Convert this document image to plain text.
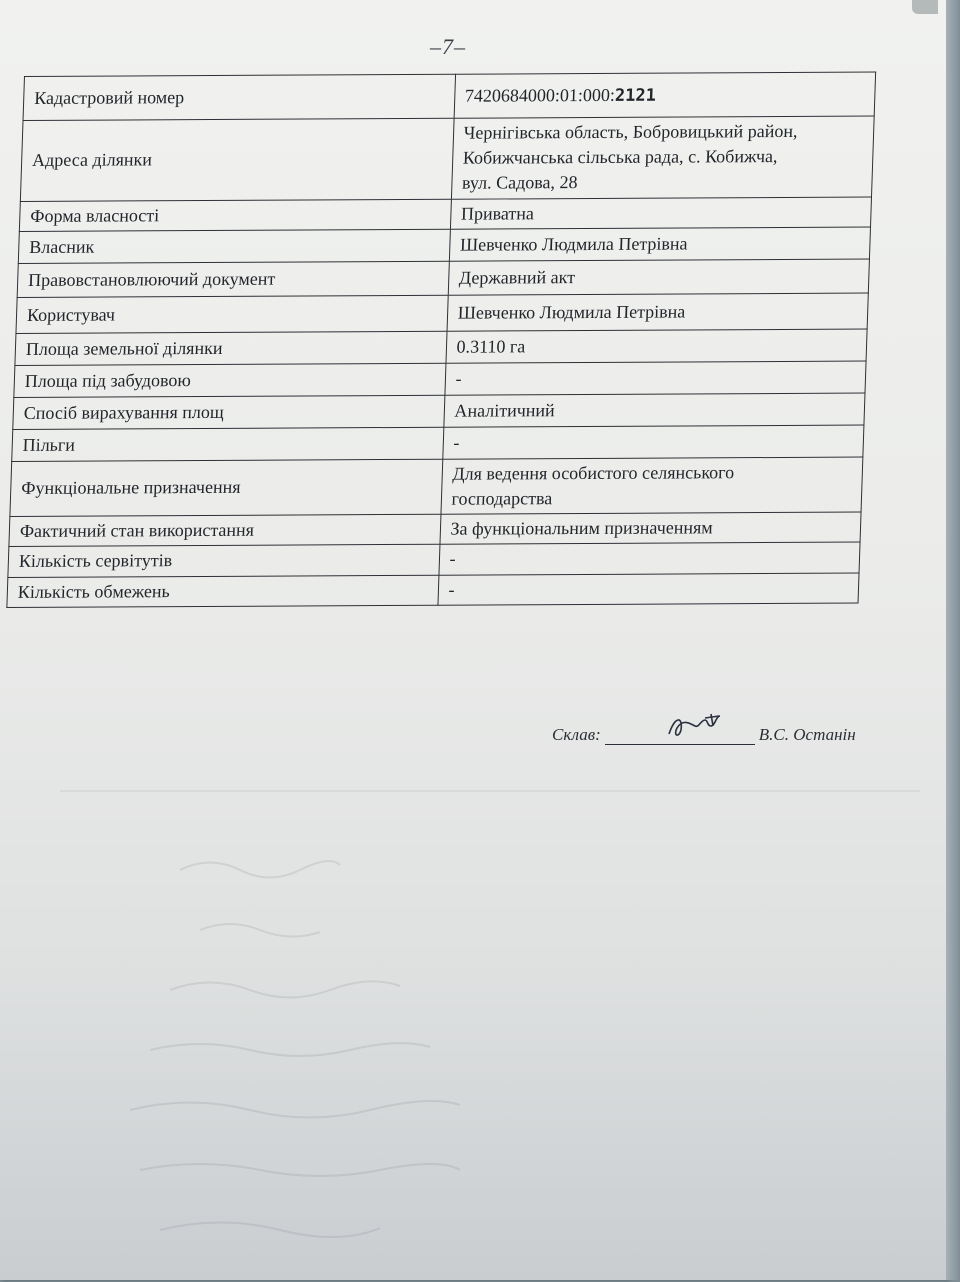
–7–
Кадастровий номер	7420684000:01:000:2121
Адреса ділянки	Чернігівська область, Бобровицький район,
Кобижчанська сільська рада, с. Кобижча,
вул. Садова, 28

Форма власності	Приватна
Власник	Шевченко Людмила Петрівна
Правовстановлюючий документ	Державний акт
Користувач	Шевченко Людмила Петрівна
Площа земельної ділянки	0.3110 га
Площа під забудовою	-
Спосіб вирахування площ	Аналітичний
Пільги	-
Функціональне призначення	Для ведення особистого селянського
господарства

Фактичний стан використання	За функціональним призначенням
Кількість сервітутів	-
Кількість обмежень	-
Склав:	В.С. Останін
